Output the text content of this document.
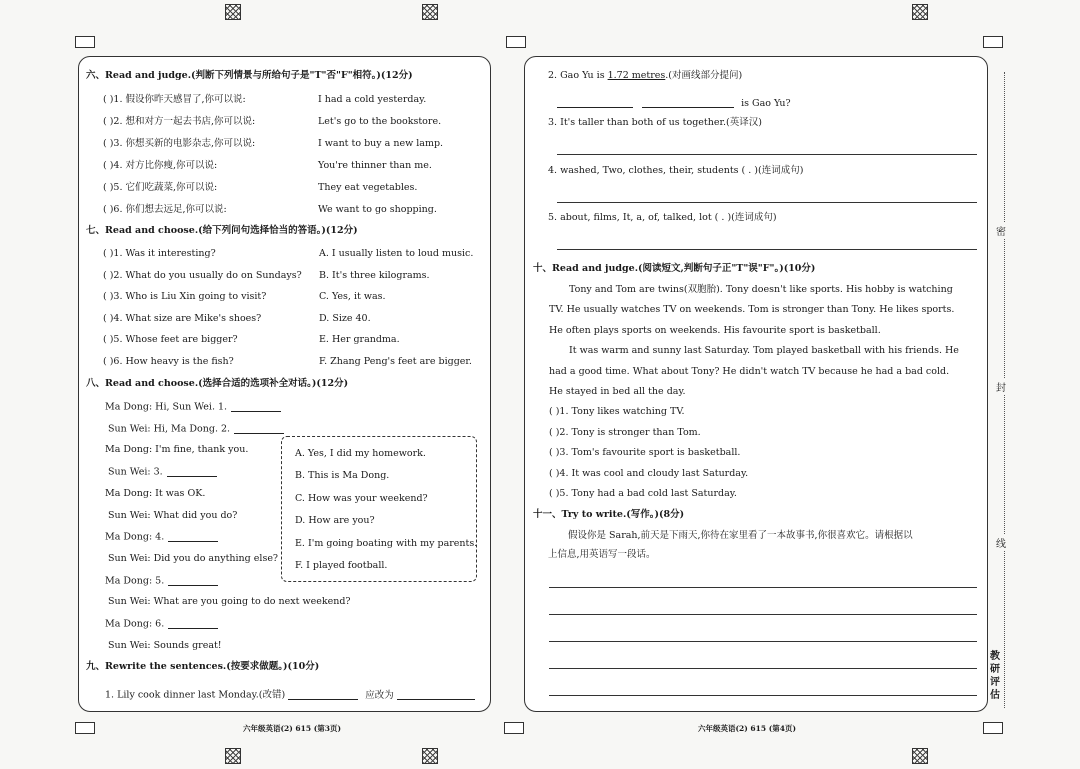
六、Read and judge.(判断下列情景与所给句子是"T"否"F"相符。)(12分)
( )1. 假设你昨天感冒了,你可以说:	I had a cold yesterday.
( )2. 想和对方一起去书店,你可以说:	Let's go to the bookstore.
( )3. 你想买新的电影杂志,你可以说:	I want to buy a new lamp.
( )4. 对方比你瘦,你可以说:	You're thinner than me.
( )5. 它们吃蔬菜,你可以说:	They eat vegetables.
( )6. 你们想去远足,你可以说:	We want to go shopping.
七、Read and choose.(给下列问句选择恰当的答语。)(12分)
( )1. Was it interesting?	A. I usually listen to loud music.
( )2. What do you usually do on Sundays? B. It's three kilograms.
( )3. Who is Liu Xin going to visit?	C. Yes, it was.
( )4. What size are Mike's shoes?	D. Size 40.
( )5. Whose feet are bigger?	E. Her grandma.
( )6. How heavy is the fish?	F. Zhang Peng's feet are bigger.
八、Read and choose.(选择合适的选项补全对话。)(12分)
Ma Dong: Hi, Sun Wei. 1.
Sun Wei: Hi, Ma Dong. 2.
Ma Dong: I'm fine, thank you.
Sun Wei: 3.
Ma Dong: It was OK.
Sun Wei: What did you do?
Ma Dong: 4.
Sun Wei: Did you do anything else?
Ma Dong: 5.
Sun Wei: What are you going to do next weekend?
Ma Dong: 6.
Sun Wei: Sounds great!
A. Yes, I did my homework.
B. This is Ma Dong.
C. How was your weekend?
D. How are you?
E. I'm going boating with my parents.
F. I played football.
九、Rewrite the sentences.(按要求做题。)(10分)
1. Lily cook dinner last Monday.(改错)	应改为
六年级英语(2) 615 (第3页)
2. Gao Yu is 1.72 metres.(对画线部分提问)
is Gao Yu?
3. It's taller than both of us together.(英译汉)
4. washed, Two, clothes, their, students ( . )(连词成句)
5. about, films, It, a, of, talked, lot ( . )(连词成句)
十、Read and judge.(阅读短文,判断句子正"T"误"F"。)(10分)
Tony and Tom are twins(双胞胎). Tony doesn't like sports. His hobby is watching
TV. He usually watches TV on weekends. Tom is stronger than Tony. He likes sports.
He often plays sports on weekends. His favourite sport is basketball.
It was warm and sunny last Saturday. Tom played basketball with his friends. He
had a good time. What about Tony? He didn't watch TV because he had a bad cold.
He stayed in bed all the day.
( )1. Tony likes watching TV.
( )2. Tony is stronger than Tom.
( )3. Tom's favourite sport is basketball.
( )4. It was cool and cloudy last Saturday.
( )5. Tony had a bad cold last Saturday.
十一、Try to write.(写作。)(8分)
假设你是 Sarah,前天是下雨天,你待在家里看了一本故事书,你很喜欢它。请根据以
上信息,用英语写一段话。
六年级英语(2) 615 (第4页)
密
封
线
教
研
评
估
